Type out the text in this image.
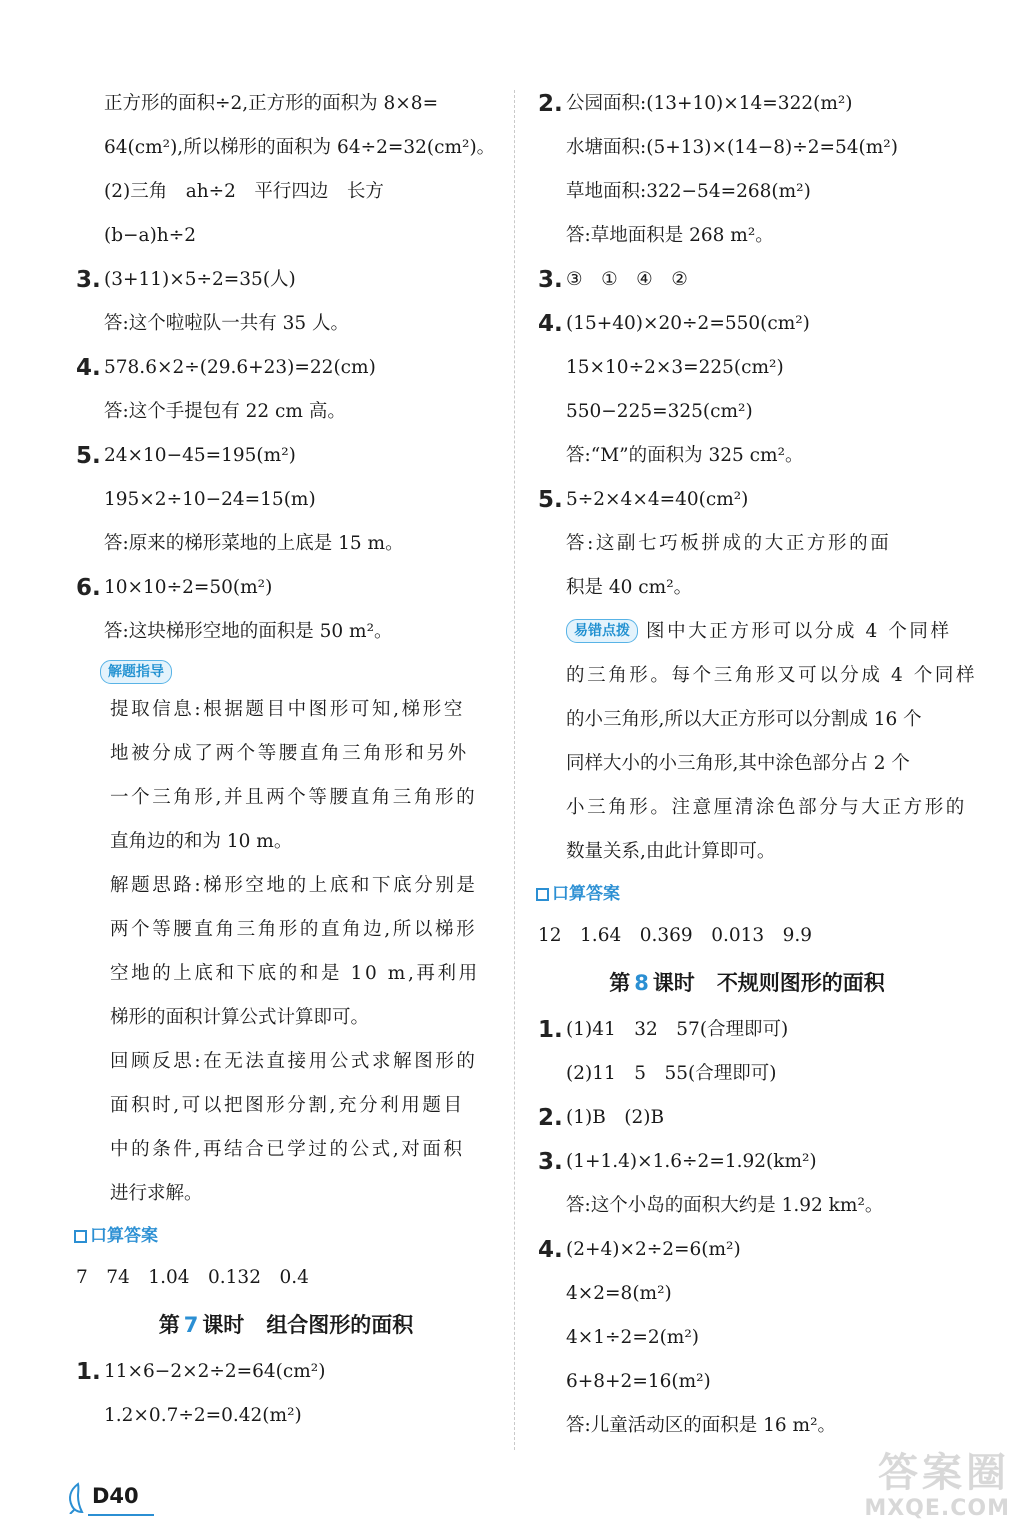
正方形的面积÷2,正方形的面积为 8×8=
64(cm²),所以梯形的面积为 64÷2=32(cm²)。
(2)三角　ah÷2　平行四边　长方
(b−a)h÷2
3. (3+11)×5÷2=35(人)
答:这个啦啦队一共有 35 人。
4. 578.6×2÷(29.6+23)=22(cm)
答:这个手提包有 22 cm 高。
5. 24×10−45=195(m²)
195×2÷10−24=15(m)
答:原来的梯形菜地的上底是 15 m。
6. 10×10÷2=50(m²)
答:这块梯形空地的面积是 50 m²。
解题指导
提取信息:根据题目中图形可知,梯形空
地被分成了两个等腰直角三角形和另外
一个三角形,并且两个等腰直角三角形的
直角边的和为 10 m。
解题思路:梯形空地的上底和下底分别是
两个等腰直角三角形的直角边,所以梯形
空地的上底和下底的和是 10 m,再利用
梯形的面积计算公式计算即可。
回顾反思:在无法直接用公式求解图形的
面积时,可以把图形分割,充分利用题目
中的条件,再结合已学过的公式,对面积
进行求解。
口算答案
7　74　1.04　0.132　0.4
第 7 课时 组合图形的面积
1. 11×6−2×2÷2=64(cm²)
1.2×0.7÷2=0.42(m²)
2. 公园面积:(13+10)×14=322(m²)
水塘面积:(5+13)×(14−8)÷2=54(m²)
草地面积:322−54=268(m²)
答:草地面积是 268 m²。
3. ③　①　④　②
4. (15+40)×20÷2=550(cm²)
15×10÷2×3=225(cm²)
550−225=325(cm²)
答:“M”的面积为 325 cm²。
5. 5÷2×4×4=40(cm²)
答:这副七巧板拼成的大正方形的面
积是 40 cm²。
易错点拨 图中大正方形可以分成 4 个同样
的三角形。每个三角形又可以分成 4 个同样
的小三角形,所以大正方形可以分割成 16 个
同样大小的小三角形,其中涂色部分占 2 个
小三角形。注意厘清涂色部分与大正方形的
数量关系,由此计算即可。
口算答案
12　1.64　0.369　0.013　9.9
第 8 课时 不规则图形的面积
1. (1)41　32　57(合理即可)
(2)11　5　55(合理即可)
2. (1)B　(2)B
3. (1+1.4)×1.6÷2=1.92(km²)
答:这个小岛的面积大约是 1.92 km²。
4. (2+4)×2÷2=6(m²)
4×2=8(m²)
4×1÷2=2(m²)
6+8+2=16(m²)
答:儿童活动区的面积是 16 m²。
D40	答案圈
MXQE.COM
